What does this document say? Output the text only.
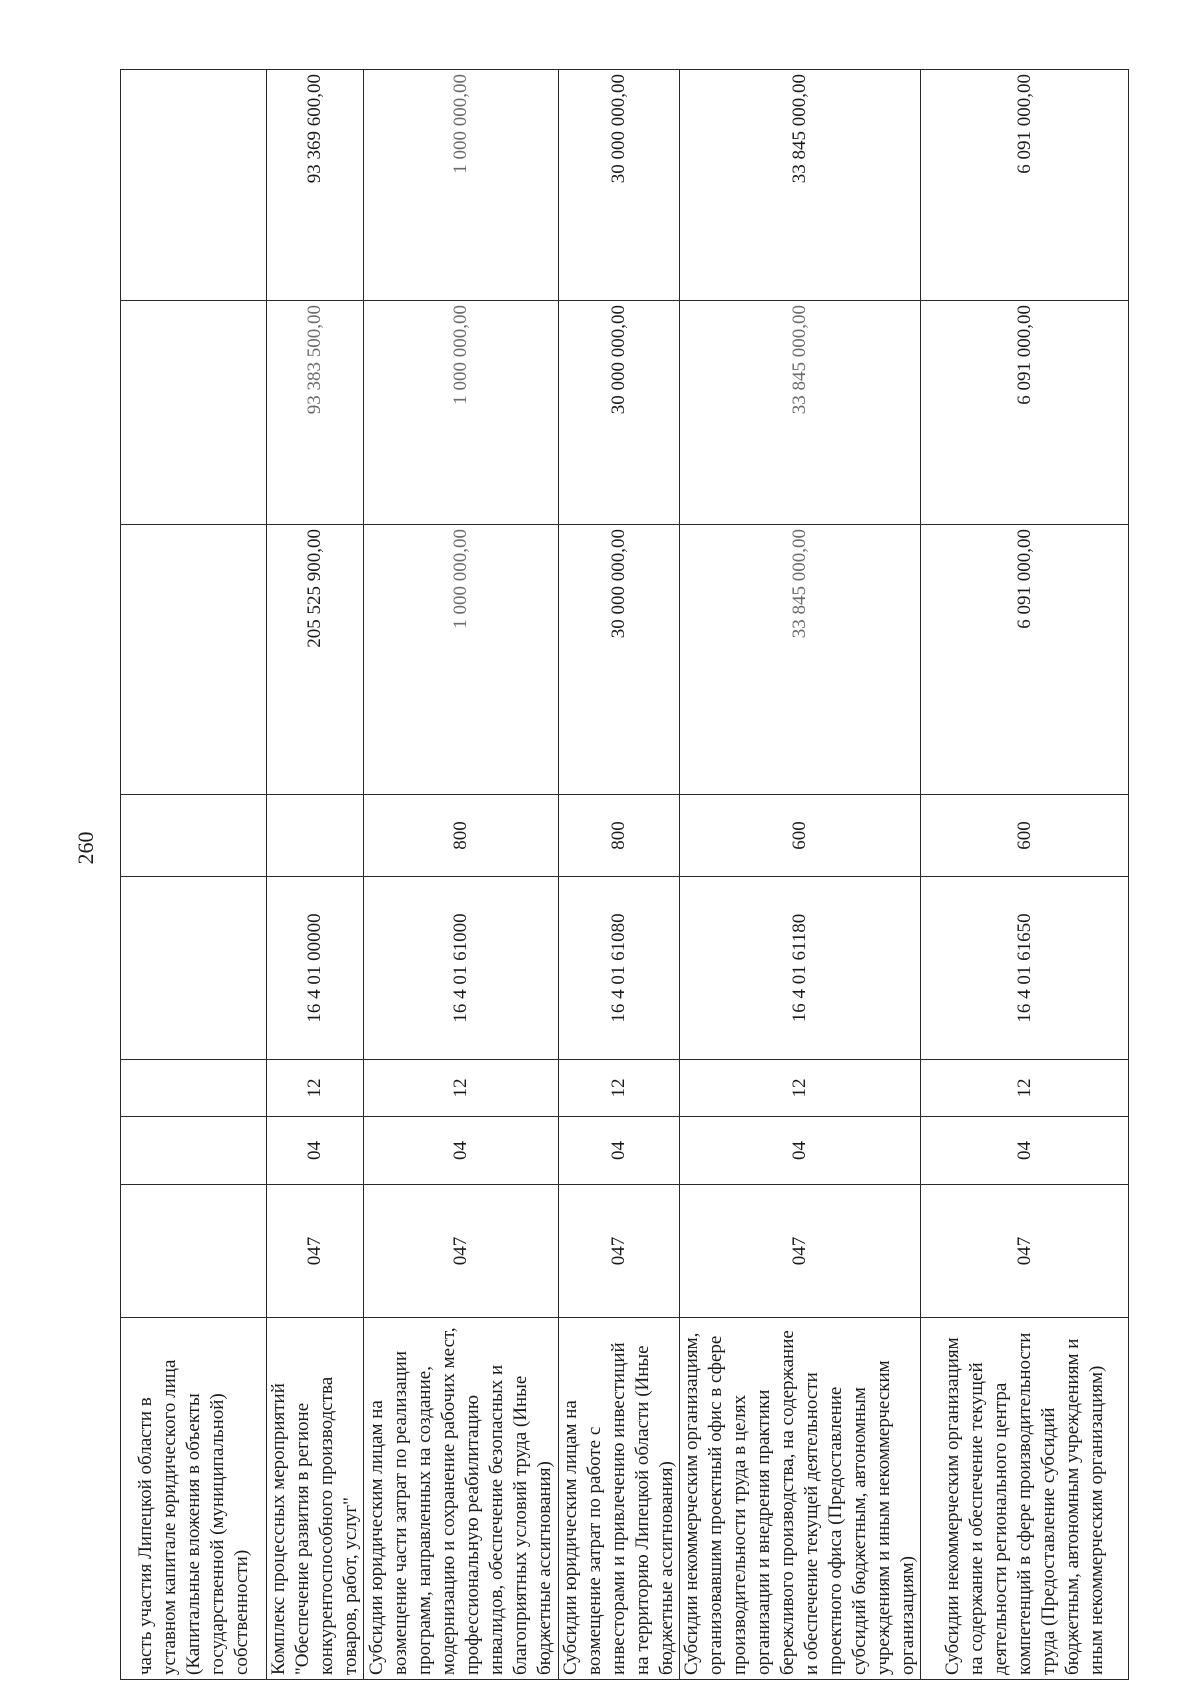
260
часть участия Липецкой области в уставном капитале юридического лица (Капитальные вложения в объекты государственной (муниципальной) собственности)								
Комплекс процессных мероприятий "Обеспечение развития в регионе конкурентоспособного производства товаров, работ, услуг"	047	04	12	16 4 01 00000		205 525 900,00	93 383 500,00	93 369 600,00
Субсидии юридическим лицам на возмещение части затрат по реализации программ, направленных на создание, модернизацию и сохранение рабочих мест, профессиональную реабилитацию инвалидов, обеспечение безопасных и благоприятных условий труда (Иные бюджетные ассигнования)	047	04	12	16 4 01 61000	800	1 000 000,00	1 000 000,00	1 000 000,00
Субсидии юридическим лицам на возмещение затрат по работе с инвесторами и привлечению инвестиций на территорию Липецкой области (Иные бюджетные ассигнования)	047	04	12	16 4 01 61080	800	30 000 000,00	30 000 000,00	30 000 000,00
Субсидии некоммерческим организациям, организовавшим проектный офис в сфере производительности труда в целях организации и внедрения практики бережливого производства, на содержание и обеспечение текущей деятельности проектного офиса (Предоставление субсидий бюджетным, автономным учреждениям и иным некоммерческим организациям)	047	04	12	16 4 01 61180	600	33 845 000,00	33 845 000,00	33 845 000,00
Субсидии некоммерческим организациям на содержание и обеспечение текущей деятельности регионального центра компетенций в сфере производительности труда (Предоставление субсидий бюджетным, автономным учреждениям и иным некоммерческим организациям)	047	04	12	16 4 01 61650	600	6 091 000,00	6 091 000,00	6 091 000,00
